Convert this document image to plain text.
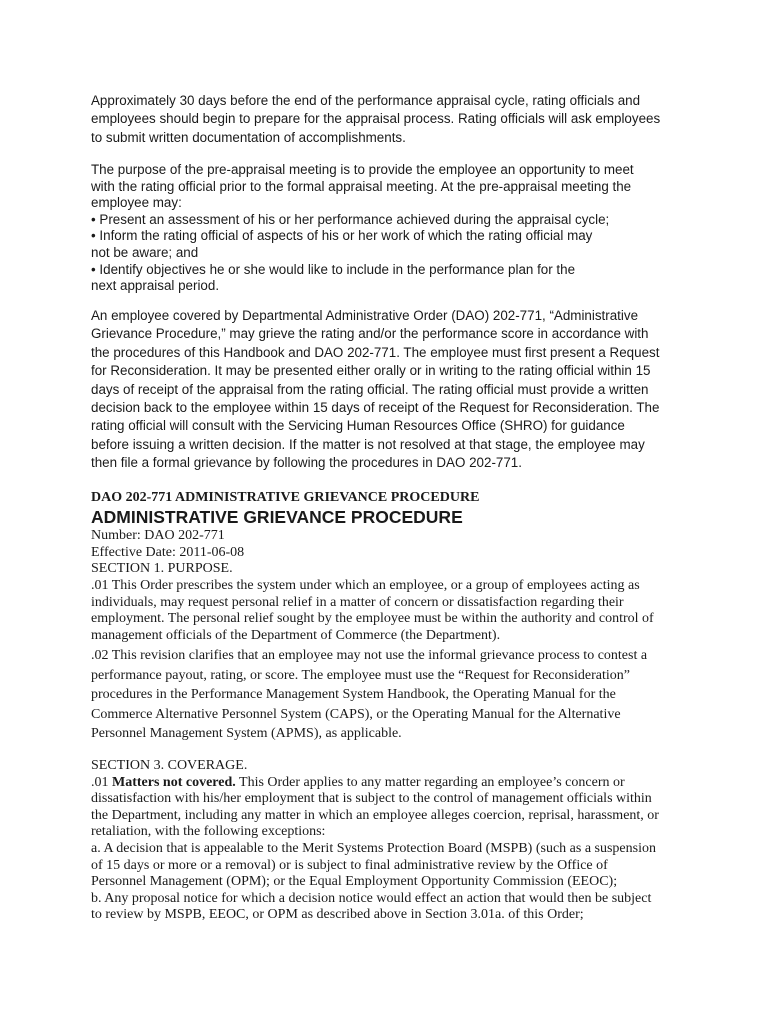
Approximately 30 days before the end of the performance appraisal cycle, rating officials and
employees should begin to prepare for the appraisal process. Rating officials will ask employees
to submit written documentation of accomplishments.
The purpose of the pre-appraisal meeting is to provide the employee an opportunity to meet
with the rating official prior to the formal appraisal meeting. At the pre-appraisal meeting the
employee may:
• Present an assessment of his or her performance achieved during the appraisal cycle;
• Inform the rating official of aspects of his or her work of which the rating official may
not be aware; and
• Identify objectives he or she would like to include in the performance plan for the
next appraisal period.
An employee covered by Departmental Administrative Order (DAO) 202-771, “Administrative
Grievance Procedure,” may grieve the rating and/or the performance score in accordance with
the procedures of this Handbook and DAO 202-771. The employee must first present a Request
for Reconsideration. It may be presented either orally or in writing to the rating official within 15
days of receipt of the appraisal from the rating official. The rating official must provide a written
decision back to the employee within 15 days of receipt of the Request for Reconsideration. The
rating official will consult with the Servicing Human Resources Office (SHRO) for guidance
before issuing a written decision. If the matter is not resolved at that stage, the employee may
then file a formal grievance by following the procedures in DAO 202-771.
DAO 202-771 ADMINISTRATIVE GRIEVANCE PROCEDURE
ADMINISTRATIVE GRIEVANCE PROCEDURE
Number: DAO 202-771
Effective Date: 2011-06-08
SECTION 1. PURPOSE.
.01 This Order prescribes the system under which an employee, or a group of employees acting as
individuals, may request personal relief in a matter of concern or dissatisfaction regarding their
employment. The personal relief sought by the employee must be within the authority and control of
management officials of the Department of Commerce (the Department).
.02 This revision clarifies that an employee may not use the informal grievance process to contest a
performance payout, rating, or score. The employee must use the “Request for Reconsideration”
procedures in the Performance Management System Handbook, the Operating Manual for the
Commerce Alternative Personnel System (CAPS), or the Operating Manual for the Alternative
Personnel Management System (APMS), as applicable.
SECTION 3. COVERAGE.
.01 Matters not covered. This Order applies to any matter regarding an employee’s concern or
dissatisfaction with his/her employment that is subject to the control of management officials within
the Department, including any matter in which an employee alleges coercion, reprisal, harassment, or
retaliation, with the following exceptions:
a. A decision that is appealable to the Merit Systems Protection Board (MSPB) (such as a suspension
of 15 days or more or a removal) or is subject to final administrative review by the Office of
Personnel Management (OPM); or the Equal Employment Opportunity Commission (EEOC);
b. Any proposal notice for which a decision notice would effect an action that would then be subject
to review by MSPB, EEOC, or OPM as described above in Section 3.01a. of this Order;
